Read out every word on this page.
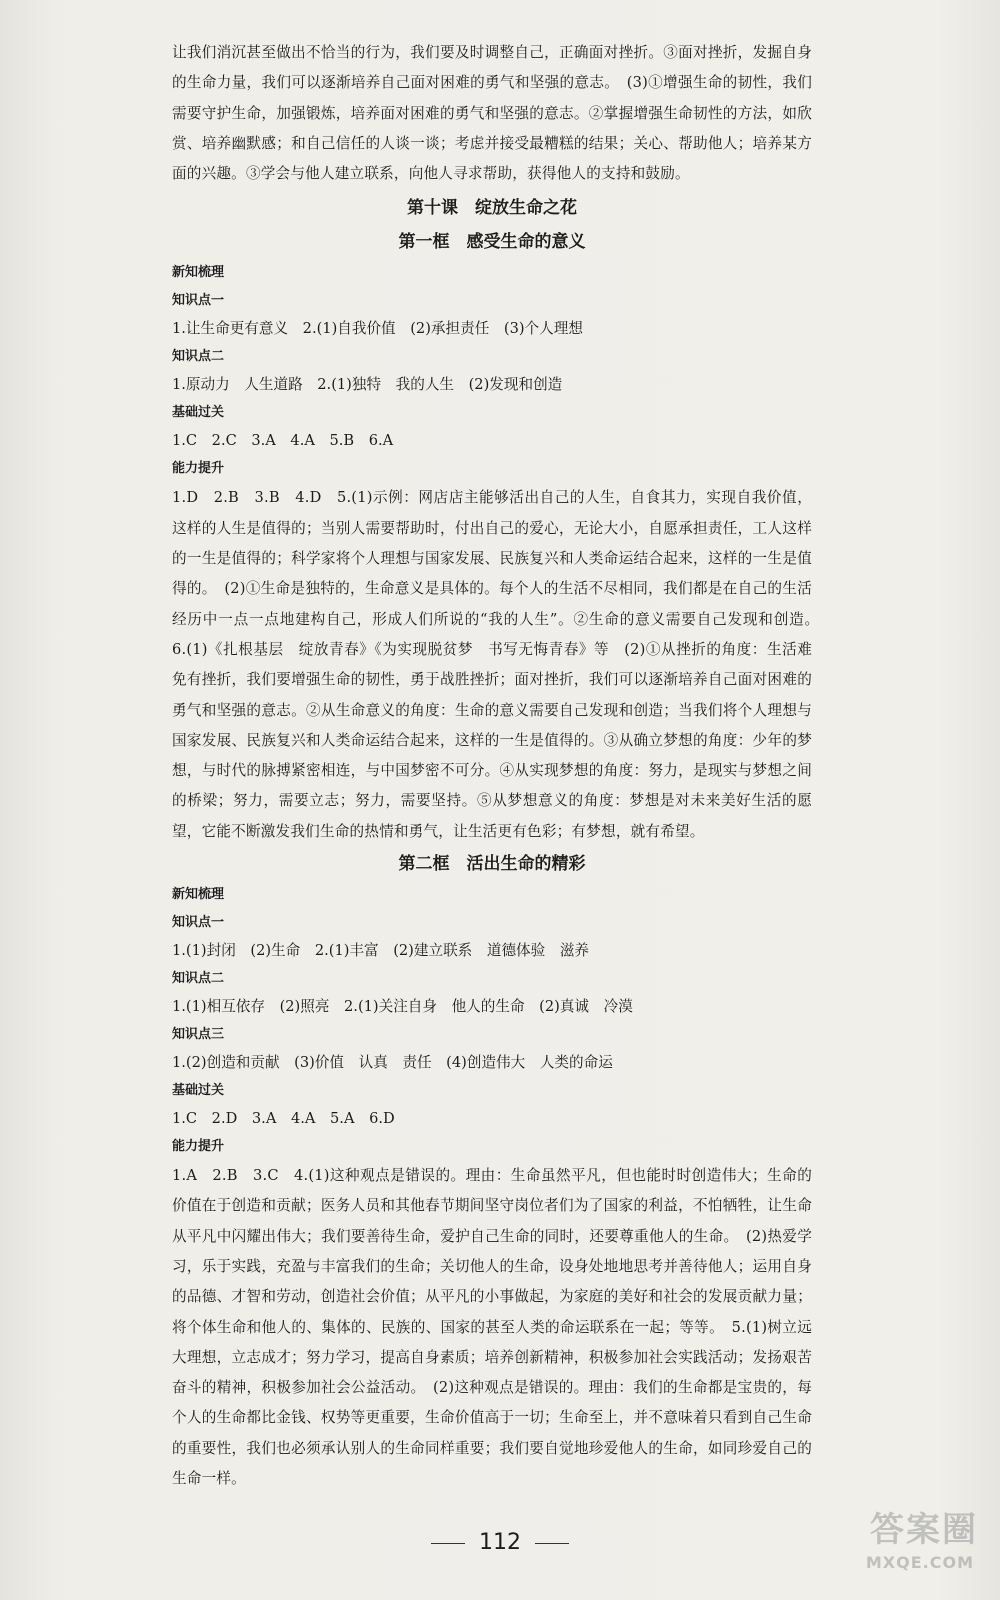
让我们消沉甚至做出不恰当的行为，我们要及时调整自己，正确面对挫折。③面对挫折，发掘自身的生命力量，我们可以逐渐培养自己面对困难的勇气和坚强的意志。　(3)①增强生命的韧性，我们需要守护生命，加强锻炼，培养面对困难的勇气和坚强的意志。②掌握增强生命韧性的方法，如欣赏、培养幽默感；和自己信任的人谈一谈；考虑并接受最糟糕的结果；关心、帮助他人；培养某方面的兴趣。③学会与他人建立联系，向他人寻求帮助，获得他人的支持和鼓励。

第十课　绽放生命之花
第一框　感受生命的意义

新知梳理

知识点一

1.让生命更有意义　2.(1)自我价值　(2)承担责任　(3)个人理想

知识点二

1.原动力　人生道路　2.(1)独特　我的人生　(2)发现和创造

基础过关

1.C　2.C　3.A　4.A　5.B　6.A

能力提升

1.D　2.B　3.B　4.D　5.(1)示例：网店店主能够活出自己的人生，自食其力，实现自我价值，这样的人生是值得的；当别人需要帮助时，付出自己的爱心，无论大小，自愿承担责任，工人这样的一生是值得的；科学家将个人理想与国家发展、民族复兴和人类命运结合起来，这样的一生是值得的。　(2)①生命是独特的，生命意义是具体的。每个人的生活不尽相同，我们都是在自己的生活经历中一点一点地建构自己，形成人们所说的“我的人生”。②生命的意义需要自己发现和创造。　6.(1)《扎根基层　绽放青春》《为实现脱贫梦　书写无悔青春》等　(2)①从挫折的角度：生活难免有挫折，我们要增强生命的韧性，勇于战胜挫折；面对挫折，我们可以逐渐培养自己面对困难的勇气和坚强的意志。②从生命意义的角度：生命的意义需要自己发现和创造；当我们将个人理想与国家发展、民族复兴和人类命运结合起来，这样的一生是值得的。③从确立梦想的角度：少年的梦想，与时代的脉搏紧密相连，与中国梦密不可分。④从实现梦想的角度：努力，是现实与梦想之间的桥梁；努力，需要立志；努力，需要坚持。⑤从梦想意义的角度：梦想是对未来美好生活的愿望，它能不断激发我们生命的热情和勇气，让生活更有色彩；有梦想，就有希望。

第二框　活出生命的精彩

新知梳理

知识点一

1.(1)封闭　(2)生命　2.(1)丰富　(2)建立联系　道德体验　滋养

知识点二

1.(1)相互依存　(2)照亮　2.(1)关注自身　他人的生命　(2)真诚　冷漠

知识点三

1.(2)创造和贡献　(3)价值　认真　责任　(4)创造伟大　人类的命运

基础过关

1.C　2.D　3.A　4.A　5.A　6.D

能力提升

1.A　2.B　3.C　4.(1)这种观点是错误的。理由：生命虽然平凡，但也能时时创造伟大；生命的价值在于创造和贡献；医务人员和其他春节期间坚守岗位者们为了国家的利益，不怕牺牲，让生命从平凡中闪耀出伟大；我们要善待生命，爱护自己生命的同时，还要尊重他人的生命。　(2)热爱学习，乐于实践，充盈与丰富我们的生命；关切他人的生命，设身处地地思考并善待他人；运用自身的品德、才智和劳动，创造社会价值；从平凡的小事做起，为家庭的美好和社会的发展贡献力量；将个体生命和他人的、集体的、民族的、国家的甚至人类的命运联系在一起；等等。　5.(1)树立远大理想，立志成才；努力学习，提高自身素质；培养创新精神，积极参加社会实践活动；发扬艰苦奋斗的精神，积极参加社会公益活动。　(2)这种观点是错误的。理由：我们的生命都是宝贵的，每个人的生命都比金钱、权势等更重要，生命价值高于一切；生命至上，并不意味着只看到自己生命的重要性，我们也必须承认别人的生命同样重要；我们要自觉地珍爱他人的生命，如同珍爱自己的生命一样。

112	答案圈
MXQE.COM
